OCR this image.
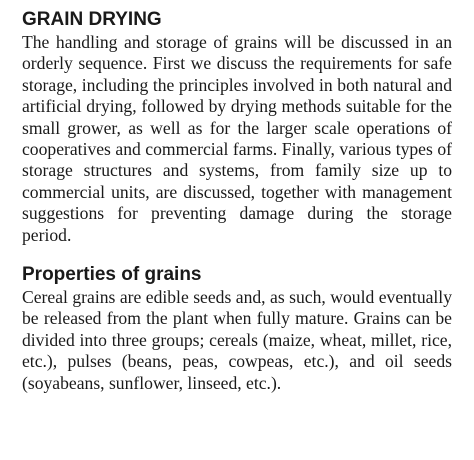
GRAIN DRYING

The handling and storage of grains will be discussed in an orderly sequence. First we discuss the requirements for safe storage, including the principles involved in both natural and artificial drying, followed by drying methods suitable for the small grower, as well as for the larger scale operations of cooperatives and commercial farms. Finally, various types of storage structures and systems, from family size up to commercial units, are discussed, together with management suggestions for preventing damage during the storage period.

Properties of grains

Cereal grains are edible seeds and, as such, would eventually be released from the plant when fully mature. Grains can be divided into three groups; cereals (maize, wheat, millet, rice, etc.), pulses (beans, peas, cowpeas, etc.), and oil seeds (soyabeans, sunflower, linseed, etc.).
